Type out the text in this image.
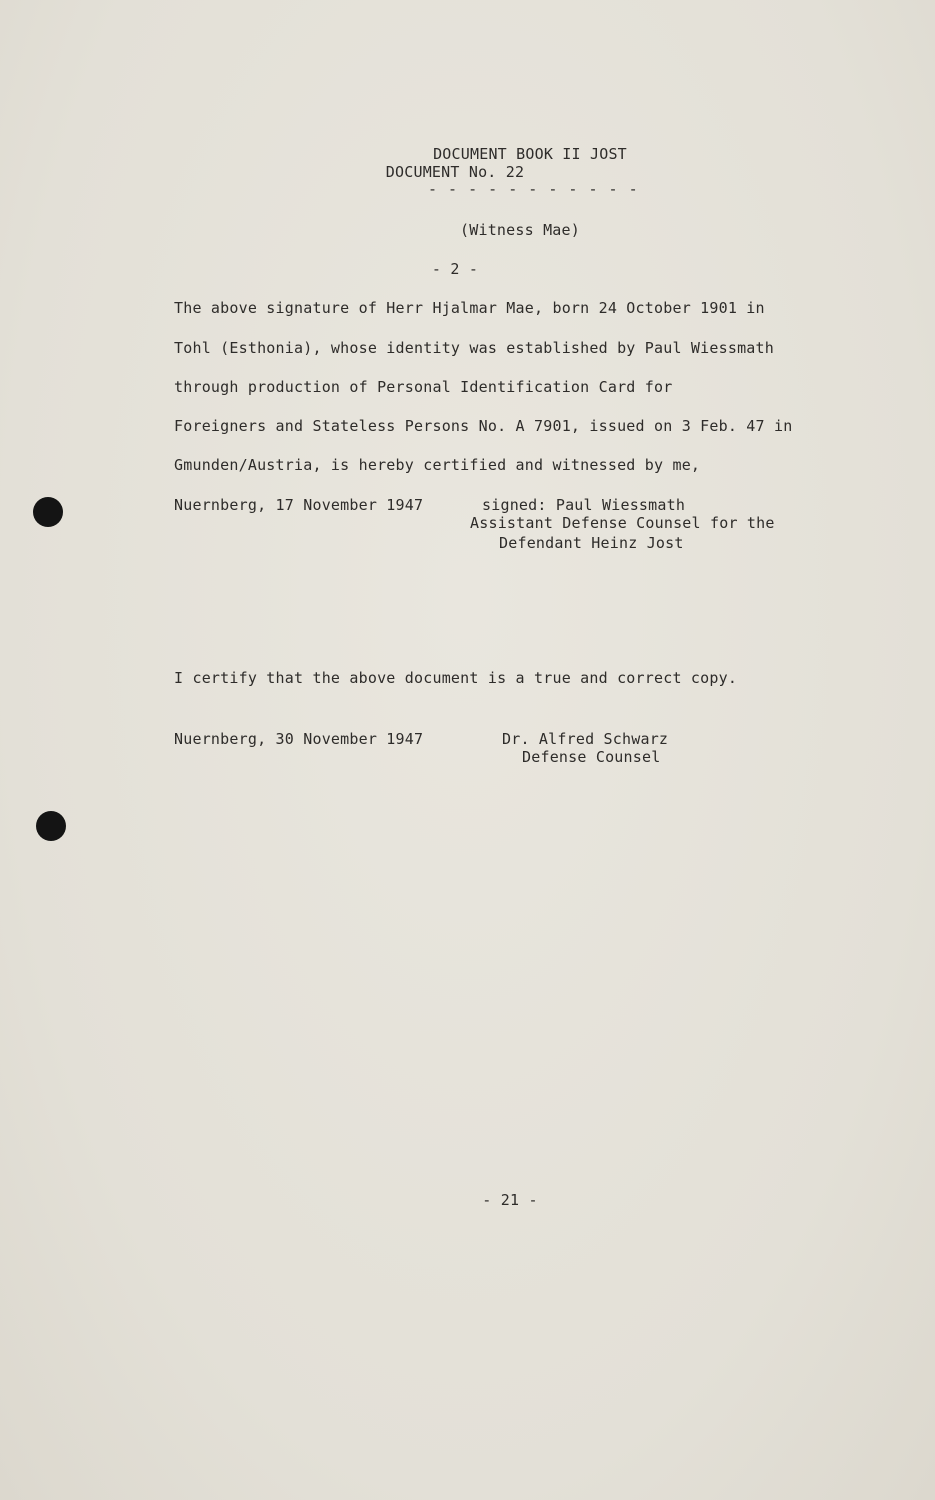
DOCUMENT BOOK II JOST
DOCUMENT No. 22
- - - - - - - - - - -
(Witness Mae)
- 2 -
The above signature of Herr Hjalmar Mae, born 24 October 1901 in
Tohl (Esthonia), whose identity was established by Paul Wiessmath
through production of Personal Identification Card for
Foreigners and Stateless Persons No. A 7901, issued on 3 Feb. 47 in
Gmunden/Austria, is hereby certified and witnessed by me,
Nuernberg, 17 November 1947	signed: Paul Wiessmath
Assistant Defense Counsel for the
Defendant Heinz Jost
I certify that the above document is a true and correct copy.
Nuernberg, 30 November 1947	Dr. Alfred Schwarz
Defense Counsel
- 21 -
